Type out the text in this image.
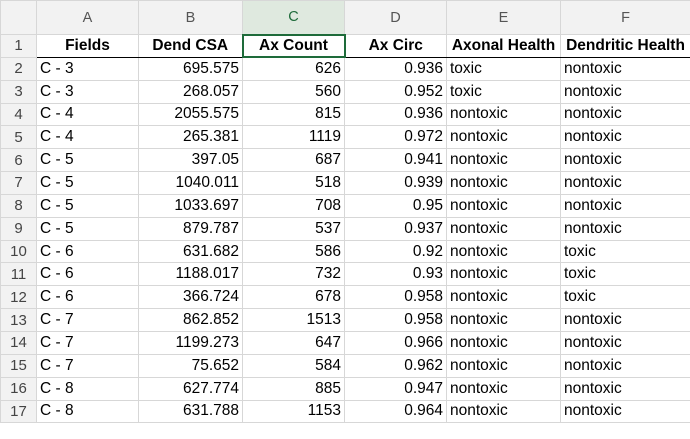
	A	B	C	D	E	F
1	Fields	Dend CSA	Ax Count	Ax Circ	Axonal Health	Dendritic Health
2	C - 3	695.575	626	0.936	toxic	nontoxic
3	C - 3	268.057	560	0.952	toxic	nontoxic
4	C - 4	2055.575	815	0.936	nontoxic	nontoxic
5	C - 4	265.381	1119	0.972	nontoxic	nontoxic
6	C - 5	397.05	687	0.941	nontoxic	nontoxic
7	C - 5	1040.011	518	0.939	nontoxic	nontoxic
8	C - 5	1033.697	708	0.95	nontoxic	nontoxic
9	C - 5	879.787	537	0.937	nontoxic	nontoxic
10	C - 6	631.682	586	0.92	nontoxic	toxic
11	C - 6	1188.017	732	0.93	nontoxic	toxic
12	C - 6	366.724	678	0.958	nontoxic	toxic
13	C - 7	862.852	1513	0.958	nontoxic	nontoxic
14	C - 7	1199.273	647	0.966	nontoxic	nontoxic
15	C - 7	75.652	584	0.962	nontoxic	nontoxic
16	C - 8	627.774	885	0.947	nontoxic	nontoxic
17	C - 8	631.788	1153	0.964	nontoxic	nontoxic
